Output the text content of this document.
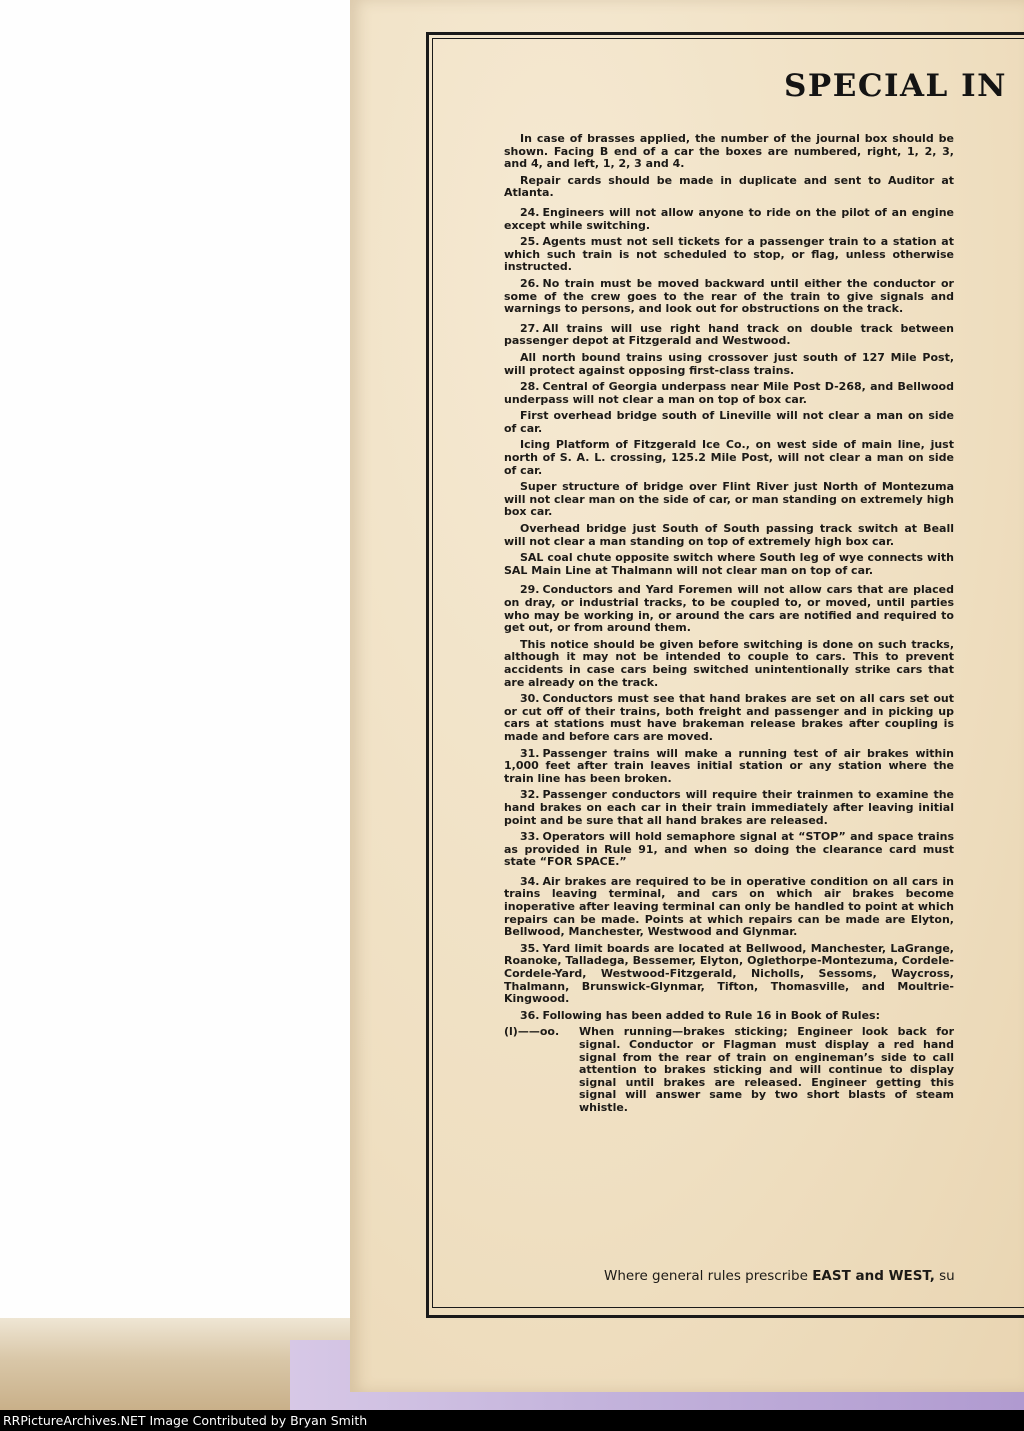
SPECIAL IN

In case of brasses applied, the number of the journal box should be shown. Facing B end of a car the boxes are numbered, right, 1, 2, 3, and 4, and left, 1, 2, 3 and 4.

Repair cards should be made in duplicate and sent to Auditor at Atlanta.

24. Engineers will not allow anyone to ride on the pilot of an engine except while switching.

25. Agents must not sell tickets for a passenger train to a station at which such train is not scheduled to stop, or flag, unless otherwise instructed.

26. No train must be moved backward until either the conductor or some of the crew goes to the rear of the train to give signals and warnings to persons, and look out for obstructions on the track.

27. All trains will use right hand track on double track between passenger depot at Fitzgerald and Westwood.

All north bound trains using crossover just south of 127 Mile Post, will protect against opposing first-class trains.

28. Central of Georgia underpass near Mile Post D-268, and Bellwood underpass will not clear a man on top of box car.

First overhead bridge south of Lineville will not clear a man on side of car.

Icing Platform of Fitzgerald Ice Co., on west side of main line, just north of S. A. L. crossing, 125.2 Mile Post, will not clear a man on side of car.

Super structure of bridge over Flint River just North of Montezuma will not clear man on the side of car, or man standing on extremely high box car.

Overhead bridge just South of South passing track switch at Beall will not clear a man standing on top of extremely high box car.

SAL coal chute opposite switch where South leg of wye connects with SAL Main Line at Thalmann will not clear man on top of car.

29. Conductors and Yard Foremen will not allow cars that are placed on dray, or industrial tracks, to be coupled to, or moved, until parties who may be working in, or around the cars are notified and required to get out, or from around them.

This notice should be given before switching is done on such tracks, although it may not be intended to couple to cars. This to prevent accidents in case cars being switched unintentionally strike cars that are already on the track.

30. Conductors must see that hand brakes are set on all cars set out or cut off of their trains, both freight and passenger and in picking up cars at stations must have brakeman release brakes after coupling is made and before cars are moved.

31. Passenger trains will make a running test of air brakes within 1,000 feet after train leaves initial station or any station where the train line has been broken.

32. Passenger conductors will require their trainmen to examine the hand brakes on each car in their train immediately after leaving initial point and be sure that all hand brakes are released.

33. Operators will hold semaphore signal at “STOP” and space trains as provided in Rule 91, and when so doing the clearance card must state “FOR SPACE.”

34. Air brakes are required to be in operative condition on all cars in trains leaving terminal, and cars on which air brakes become inoperative after leaving terminal can only be handled to point at which repairs can be made. Points at which repairs can be made are Elyton, Bellwood, Manchester, Westwood and Glynmar.

35. Yard limit boards are located at Bellwood, Manchester, LaGrange, Roanoke, Talladega, Bessemer, Elyton, Oglethorpe-Montezuma, Cordele-Cordele-Yard, Westwood-Fitzgerald, Nicholls, Sessoms, Waycross, Thalmann, Brunswick-Glynmar, Tifton, Thomasville, and Moultrie-Kingwood.

36. Following has been added to Rule 16 in Book of Rules:

(l)——oo.	When running—brakes sticking; Engineer look back for signal. Conductor or Flagman must display a red hand signal from the rear of train on engineman’s side to call attention to brakes sticking and will continue to display signal until brakes are released. Engineer getting this signal will answer same by two short blasts of steam whistle.
Where general rules prescribe EAST and WEST, su
RRPictureArchives.NET Image Contributed by Bryan Smith
